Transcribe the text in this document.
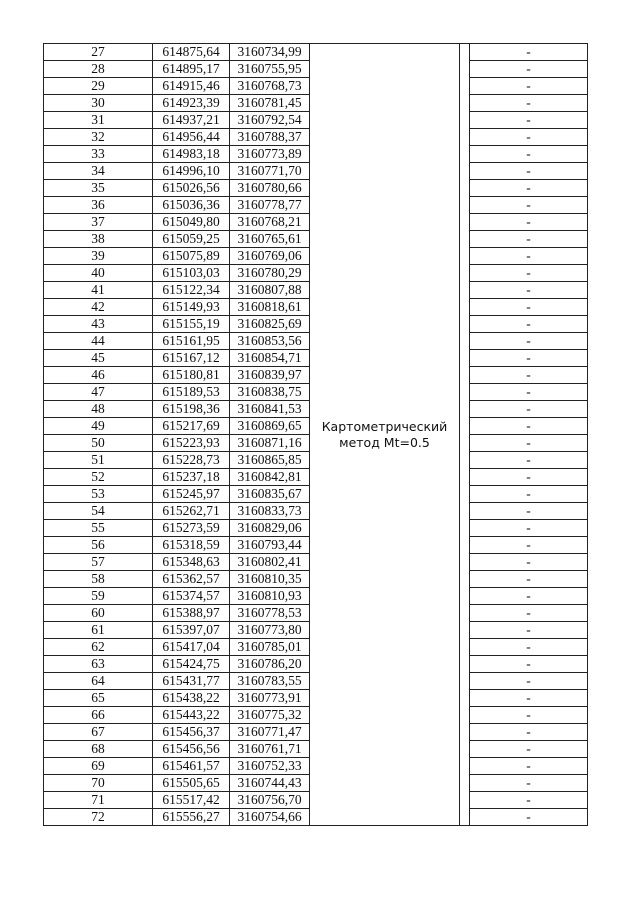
27	614875,64	3160734,99	Картометрический
метод Mt=0.5		-
28	614895,17	3160755,95			-
29	614915,46	3160768,73			-
30	614923,39	3160781,45			-
31	614937,21	3160792,54			-
32	614956,44	3160788,37			-
33	614983,18	3160773,89			-
34	614996,10	3160771,70			-
35	615026,56	3160780,66			-
36	615036,36	3160778,77			-
37	615049,80	3160768,21			-
38	615059,25	3160765,61			-
39	615075,89	3160769,06			-
40	615103,03	3160780,29			-
41	615122,34	3160807,88			-
42	615149,93	3160818,61			-
43	615155,19	3160825,69			-
44	615161,95	3160853,56			-
45	615167,12	3160854,71			-
46	615180,81	3160839,97			-
47	615189,53	3160838,75			-
48	615198,36	3160841,53			-
49	615217,69	3160869,65			-
50	615223,93	3160871,16			-
51	615228,73	3160865,85			-
52	615237,18	3160842,81			-
53	615245,97	3160835,67			-
54	615262,71	3160833,73			-
55	615273,59	3160829,06			-
56	615318,59	3160793,44			-
57	615348,63	3160802,41			-
58	615362,57	3160810,35			-
59	615374,57	3160810,93			-
60	615388,97	3160778,53			-
61	615397,07	3160773,80			-
62	615417,04	3160785,01			-
63	615424,75	3160786,20			-
64	615431,77	3160783,55			-
65	615438,22	3160773,91			-
66	615443,22	3160775,32			-
67	615456,37	3160771,47			-
68	615456,56	3160761,71			-
69	615461,57	3160752,33			-
70	615505,65	3160744,43			-
71	615517,42	3160756,70			-
72	615556,27	3160754,66			-
